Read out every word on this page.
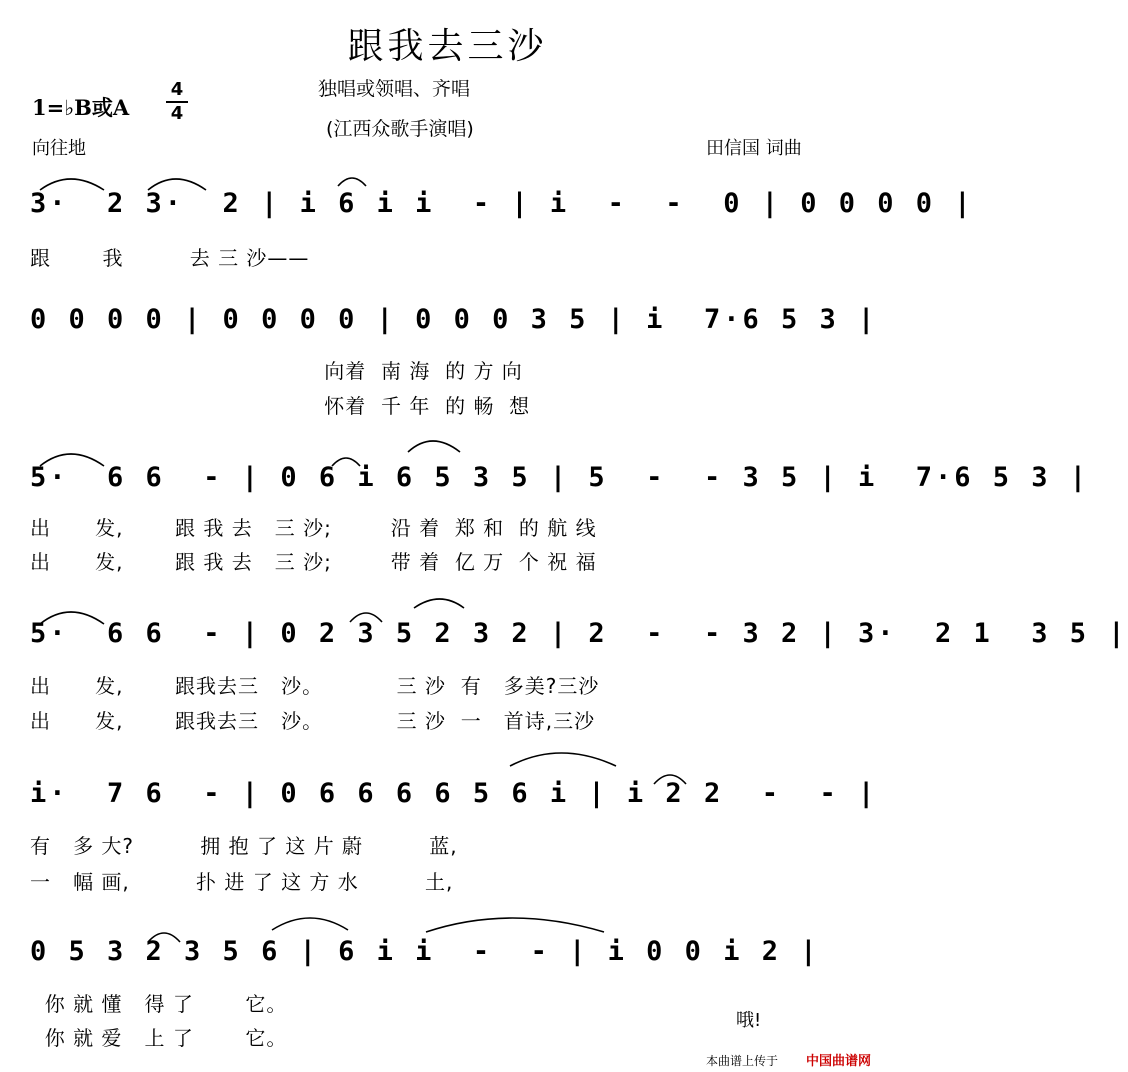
跟我去三沙
独唱或领唱、齐唱
(江西众歌手演唱)
1=♭B或A
4
4
向往地	田信国 词曲
3·  2 3·  2 | i 6 i i  - | i  -  -  0 | 0 0 0 0 |
跟       我         去 三 沙——
0 0 0 0 | 0 0 0 0 | 0 0 0 3 5 | i  7·6 5 3 |
向着  南 海  的 方 向
怀着  千 年  的 畅  想
5·  6 6  - | 0 6 i 6 5 3 5 | 5  -  - 3 5 | i  7·6 5 3 |
出      发,       跟 我 去   三 沙;        沿 着  郑 和  的 航 线
出      发,       跟 我 去   三 沙;        带 着  亿 万  个 祝 福
5·  6 6  - | 0 2 3 5 2 3 2 | 2  -  - 3 2 | 3·  2 1  3 5 |
出      发,       跟我去三   沙。          三 沙  有   多美?三沙
出      发,       跟我去三   沙。          三 沙  一   首诗,三沙
i·  7 6  - | 0 6 6 6 6 5 6 i | i 2 2  -  - |
有   多 大?         拥 抱 了 这 片 蔚         蓝,
一   幅 画,         扑 进 了 这 方 水         土,
0 5 3 2 3 5 6 | 6 i i  -  - | i 0 0 i 2 |
你 就 懂   得 了       它。
你 就 爱   上 了       它。
哦!
本曲谱上传于 中国曲谱网
